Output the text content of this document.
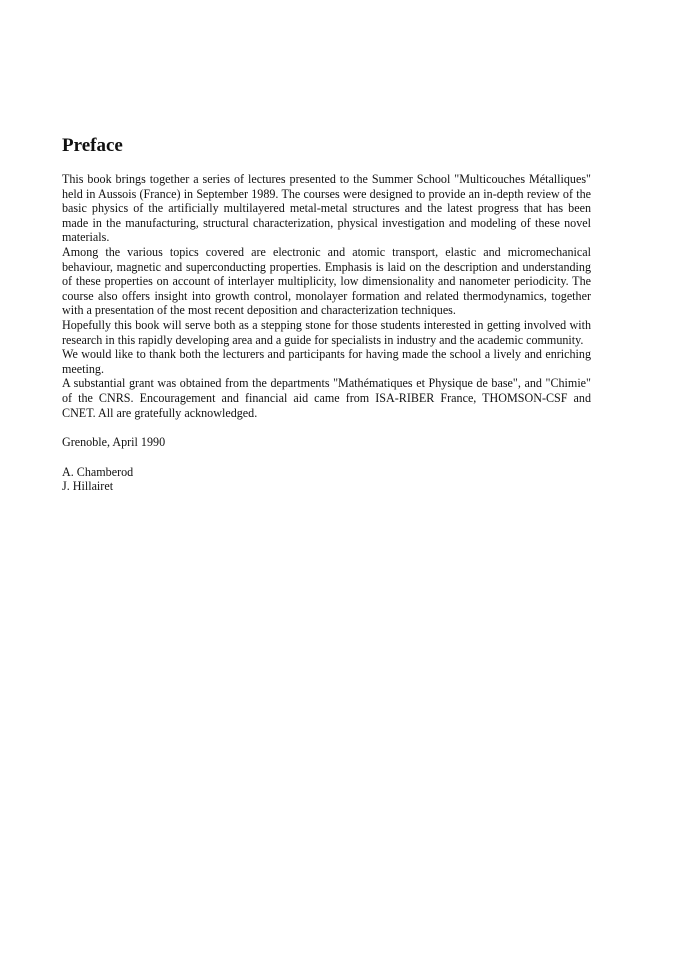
Preface

This book brings together a series of lectures presented to the Summer School "Multicouches Métalliques" held in Aussois (France) in September 1989. The courses were designed to provide an in-depth review of the basic physics of the artificially multilayered metal-metal structures and the latest progress that has been made in the manufacturing, structural characterization, physical investigation and modeling of these novel materials.

Among the various topics covered are electronic and atomic transport, elastic and micromechanical behaviour, magnetic and superconducting properties. Emphasis is laid on the description and understanding of these properties on account of interlayer multiplicity, low dimensionality and nanometer periodicity. The course also offers insight into growth control, monolayer formation and related thermodynamics, together with a presentation of the most recent deposition and characterization techniques.

Hopefully this book will serve both as a stepping stone for those students interested in getting involved with research in this rapidly developing area and a guide for specialists in industry and the academic community.

We would like to thank both the lecturers and participants for having made the school a lively and enriching meeting.

A substantial grant was obtained from the departments "Mathématiques et Physique de base", and "Chimie" of the CNRS. Encouragement and financial aid came from ISA-RIBER France, THOMSON-CSF and CNET. All are gratefully acknowledged.

Grenoble, April 1990

A. Chamberod

J. Hillairet
